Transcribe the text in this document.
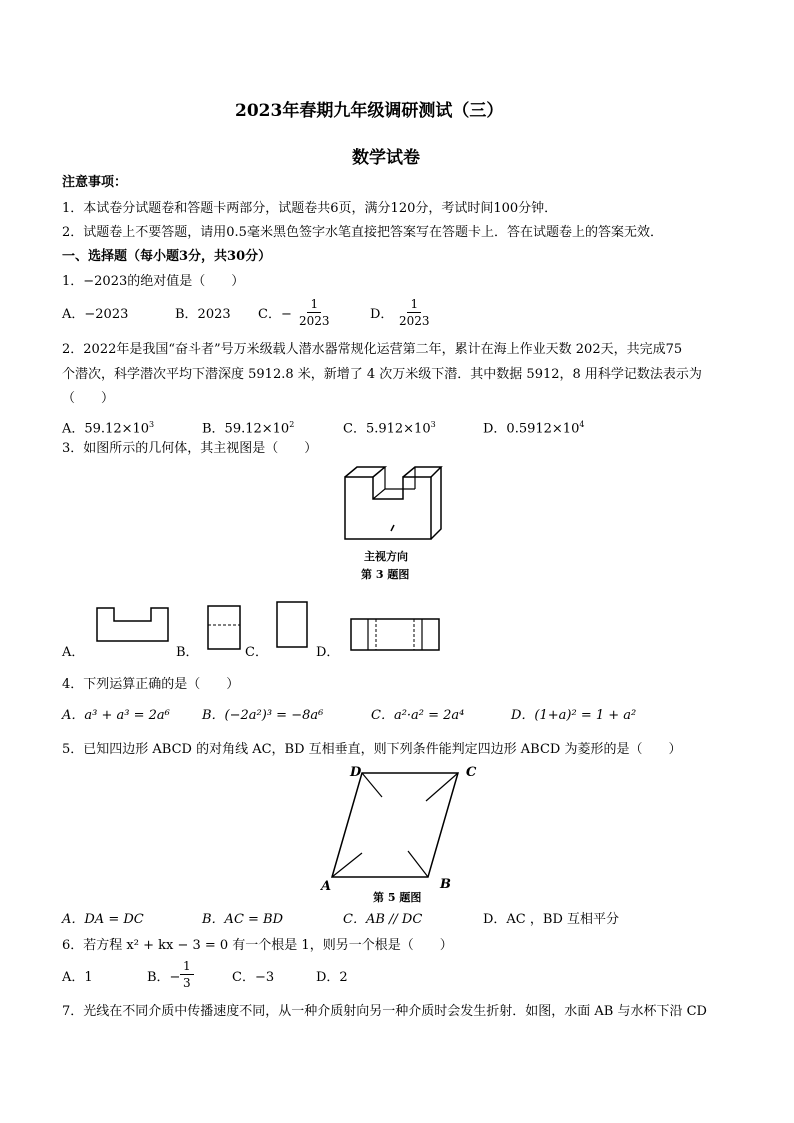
2023年春期九年级调研测试（三）
数学试卷
注意事项：
1．本试卷分试题卷和答题卡两部分，试题卷共6页，满分120分，考试时间100分钟．
2．试题卷上不要答题，请用0.5毫米黑色签字水笔直接把答案写在答题卡上．答在试题卷上的答案无效．
一、选择题（每小题3分，共30分）
1．−2023的绝对值是（　　）
A．−2023	B．2023 C．− $\frac{1}{2023}$	D． $\frac{1}{2023}$
2．2022年是我国“奋斗者”号万米级载人潜水器常规化运营第二年，累计在海上作业天数 202天，共完成75
个潜次，科学潜次平均下潜深度 5912.8 米，新增了 4 次万米级下潜．其中数据 5912，8 用科学记数法表示为
（　　）
A．$59.12\times 10^3$	B．$59.12\times 10^2$	C．$5.912\times 10^3$	D．$0.5912\times 10^4$
3．如图所示的几何体，其主视图是（　　）
主视方向
第 3 题图
A．	B．	C．	D．
4．下列运算正确的是（　　）
A．a³ + a³ = 2a⁶ B．(−2a²)³ = −8a⁶	C．a²·a² = 2a⁴	D．(1+a)² = 1 + a²
5．已知四边形 ABCD 的对角线 AC，BD 互相垂直，则下列条件能判定四边形 ABCD 为菱形的是（　　）
D	C
A	B
第 5 题图
A．DA = DC	B．AC = BD	C．AB // DC	D．AC ，BD 互相平分
6．若方程 x² + kx − 3 = 0 有一个根是 1，则另一个根是（　　）
A．1	B．− $\frac{1}{3}$	C．−3	D．2
7．光线在不同介质中传播速度不同，从一种介质射向另一种介质时会发生折射．如图，水面 AB 与水杯下沿 CD
